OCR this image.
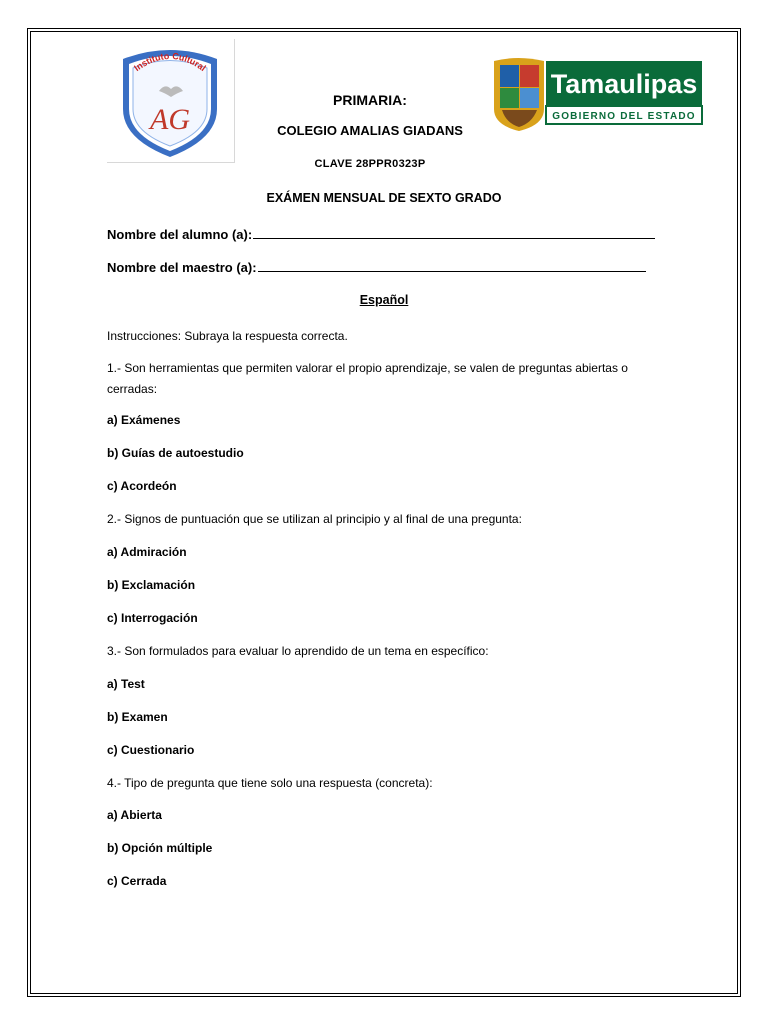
Instituto Cultural
AG
Tamaulipas
GOBIERNO DEL ESTADO
PRIMARIA:
COLEGIO AMALIAS GIADANS
CLAVE 28PPR0323P
EXÁMEN MENSUAL DE SEXTO GRADO
Nombre del alumno (a):
Nombre del maestro (a):
Español
Instrucciones: Subraya la respuesta correcta.
1.- Son herramientas que permiten valorar el propio aprendizaje, se valen de preguntas abiertas o
cerradas:
a) Exámenes
b) Guías de autoestudio
c) Acordeón
2.- Signos de puntuación que se utilizan al principio y al final de una pregunta:
a) Admiración
b) Exclamación
c) Interrogación
3.- Son formulados para evaluar lo aprendido de un tema en específico:
a) Test
b) Examen
c) Cuestionario
4.- Tipo de pregunta que tiene solo una respuesta (concreta):
a) Abierta
b) Opción múltiple
c) Cerrada
